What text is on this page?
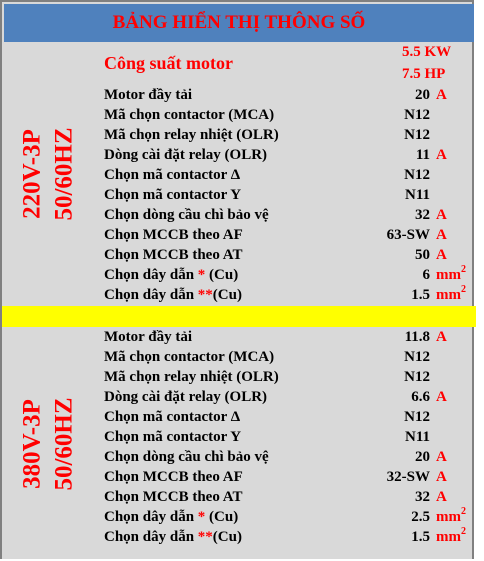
BẢNG HIỂN THỊ THÔNG SỐ
220V-3P 50/60HZ
Công suất motor
5.5 KW
7.5 HP
Motor đầy tải	20 A
Mã chọn contactor (MCA)	N12
Mã chọn relay nhiệt (OLR)	N12
Dòng cài đặt relay (OLR)	11 A
Chọn mã contactor Δ	N12
Chọn mã contactor Y	N11
Chọn dòng cầu chì bảo vệ	32 A
Chọn MCCB theo AF	63-SW A
Chọn MCCB theo AT	50 A
Chọn dây dẫn * (Cu)	6 $mm^2$
Chọn dây dẫn **(Cu)	1.5 $mm^2$
380V-3P 50/60HZ
Motor đầy tải	11.8 A
Mã chọn contactor (MCA)	N12
Mã chọn relay nhiệt (OLR)	N12
Dòng cài đặt relay (OLR)	6.6 A
Chọn mã contactor Δ	N12
Chọn mã contactor Y	N11
Chọn dòng cầu chì bảo vệ	20 A
Chọn MCCB theo AF	32-SW A
Chọn MCCB theo AT	32 A
Chọn dây dẫn * (Cu)	2.5 $mm^2$
Chọn dây dẫn **(Cu)	1.5 $mm^2$
